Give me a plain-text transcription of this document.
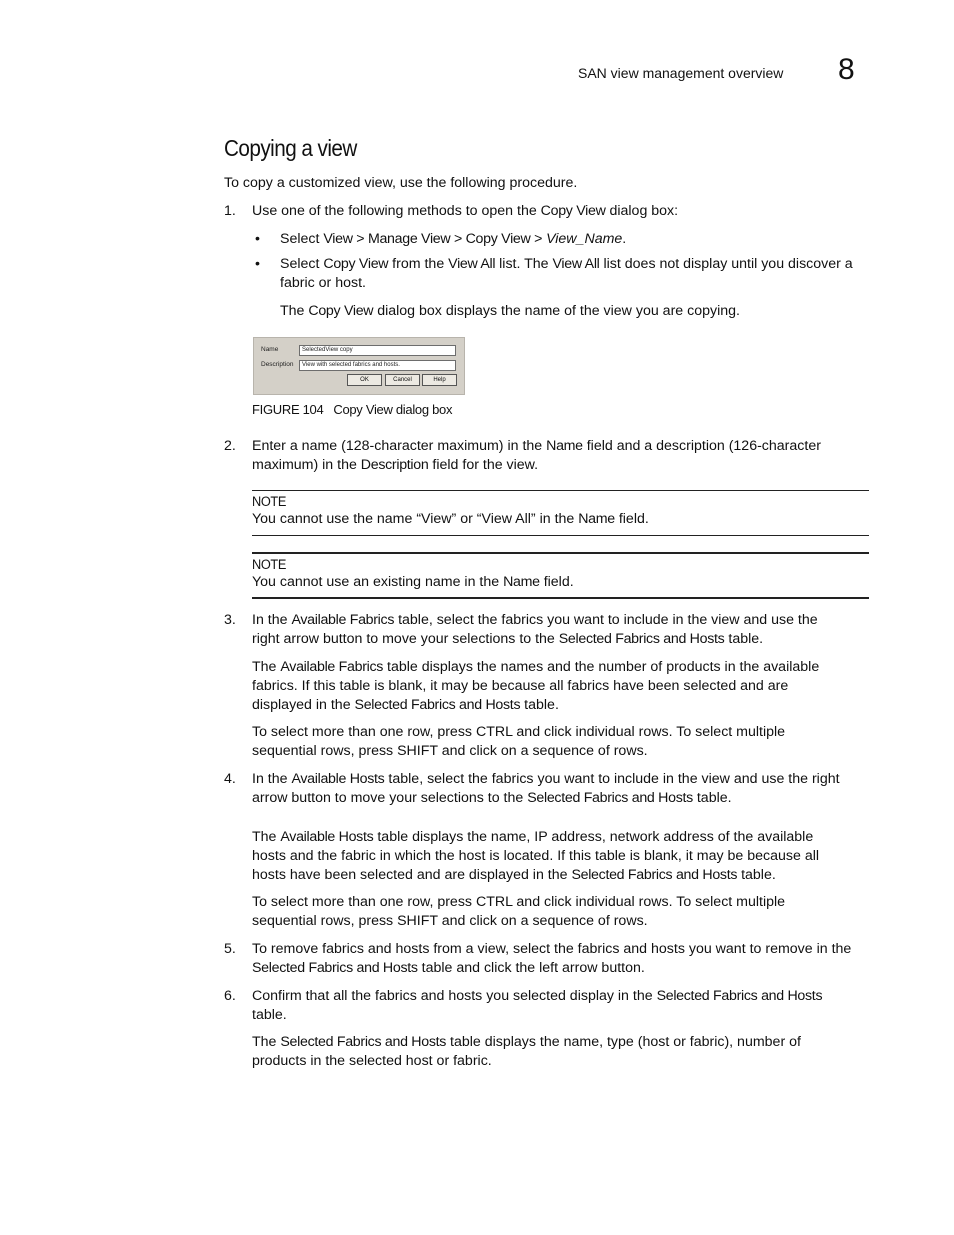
SAN view management overview 8
Copying a view
To copy a customized view, use the following procedure.
1.	Use one of the following methods to open the Copy View dialog box:
• Select View > Manage View > Copy View > View_Name.
• Select Copy View from the View All list. The View All list does not display until you discover a
fabric or host.
The Copy View dialog box displays the name of the view you are copying.
Name	SelectedView copy
Description	View with selected fabrics and hosts.
OK	Cancel	Help
FIGURE 104 Copy View dialog box
2.	Enter a name (128-character maximum) in the Name field and a description (126-character
maximum) in the Description field for the view.
NOTE
You cannot use the name “View” or “View All” in the Name field.
NOTE
You cannot use an existing name in the Name field.
3.	In the Available Fabrics table, select the fabrics you want to include in the view and use the
right arrow button to move your selections to the Selected Fabrics and Hosts table.
The Available Fabrics table displays the names and the number of products in the available
fabrics. If this table is blank, it may be because all fabrics have been selected and are
displayed in the Selected Fabrics and Hosts table.
To select more than one row, press CTRL and click individual rows. To select multiple
sequential rows, press SHIFT and click on a sequence of rows.
4.	In the Available Hosts table, select the fabrics you want to include in the view and use the right
arrow button to move your selections to the Selected Fabrics and Hosts table.
The Available Hosts table displays the name, IP address, network address of the available
hosts and the fabric in which the host is located. If this table is blank, it may be because all
hosts have been selected and are displayed in the Selected Fabrics and Hosts table.
To select more than one row, press CTRL and click individual rows. To select multiple
sequential rows, press SHIFT and click on a sequence of rows.
5.	To remove fabrics and hosts from a view, select the fabrics and hosts you want to remove in the
Selected Fabrics and Hosts table and click the left arrow button.
6.	Confirm that all the fabrics and hosts you selected display in the Selected Fabrics and Hosts
table.
The Selected Fabrics and Hosts table displays the name, type (host or fabric), number of
products in the selected host or fabric.
